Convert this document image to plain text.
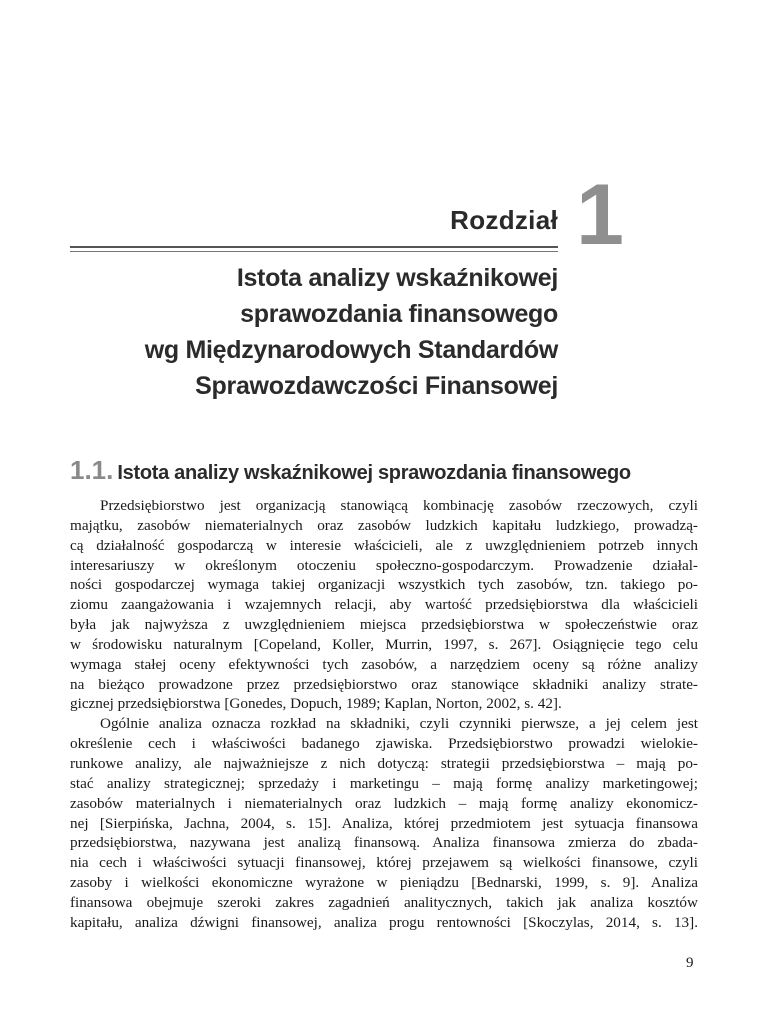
Rozdział 1
Istota analizy wskaźnikowej
sprawozdania finansowego
wg Międzynarodowych Standardów
Sprawozdawczości Finansowej
1.1. Istota analizy wskaźnikowej sprawozdania finansowego
Przedsiębiorstwo jest organizacją stanowiącą kombinację zasobów rzeczowych, czyli
majątku, zasobów niematerialnych oraz zasobów ludzkich kapitału ludzkiego, prowadzą-
cą działalność gospodarczą w interesie właścicieli, ale z uwzględnieniem potrzeb innych
interesariuszy w określonym otoczeniu społeczno-gospodarczym. Prowadzenie działal-
ności gospodarczej wymaga takiej organizacji wszystkich tych zasobów, tzn. takiego po-
ziomu zaangażowania i wzajemnych relacji, aby wartość przedsiębiorstwa dla właścicieli
była jak najwyższa z uwzględnieniem miejsca przedsiębiorstwa w społeczeństwie oraz
w środowisku naturalnym [Copeland, Koller, Murrin, 1997, s. 267]. Osiągnięcie tego celu
wymaga stałej oceny efektywności tych zasobów, a narzędziem oceny są różne analizy
na bieżąco prowadzone przez przedsiębiorstwo oraz stanowiące składniki analizy strate-
gicznej przedsiębiorstwa [Gonedes, Dopuch, 1989; Kaplan, Norton, 2002, s. 42].
Ogólnie analiza oznacza rozkład na składniki, czyli czynniki pierwsze, a jej celem jest
określenie cech i właściwości badanego zjawiska. Przedsiębiorstwo prowadzi wielokie-
runkowe analizy, ale najważniejsze z nich dotyczą: strategii przedsiębiorstwa – mają po-
stać analizy strategicznej; sprzedaży i marketingu – mają formę analizy marketingowej;
zasobów materialnych i niematerialnych oraz ludzkich – mają formę analizy ekonomicz-
nej [Sierpińska, Jachna, 2004, s. 15]. Analiza, której przedmiotem jest sytuacja finansowa
przedsiębiorstwa, nazywana jest analizą finansową. Analiza finansowa zmierza do zbada-
nia cech i właściwości sytuacji finansowej, której przejawem są wielkości finansowe, czyli
zasoby i wielkości ekonomiczne wyrażone w pieniądzu [Bednarski, 1999, s. 9]. Analiza
finansowa obejmuje szeroki zakres zagadnień analitycznych, takich jak analiza kosztów
kapitału, analiza dźwigni finansowej, analiza progu rentowności [Skoczylas, 2014, s. 13].
9
